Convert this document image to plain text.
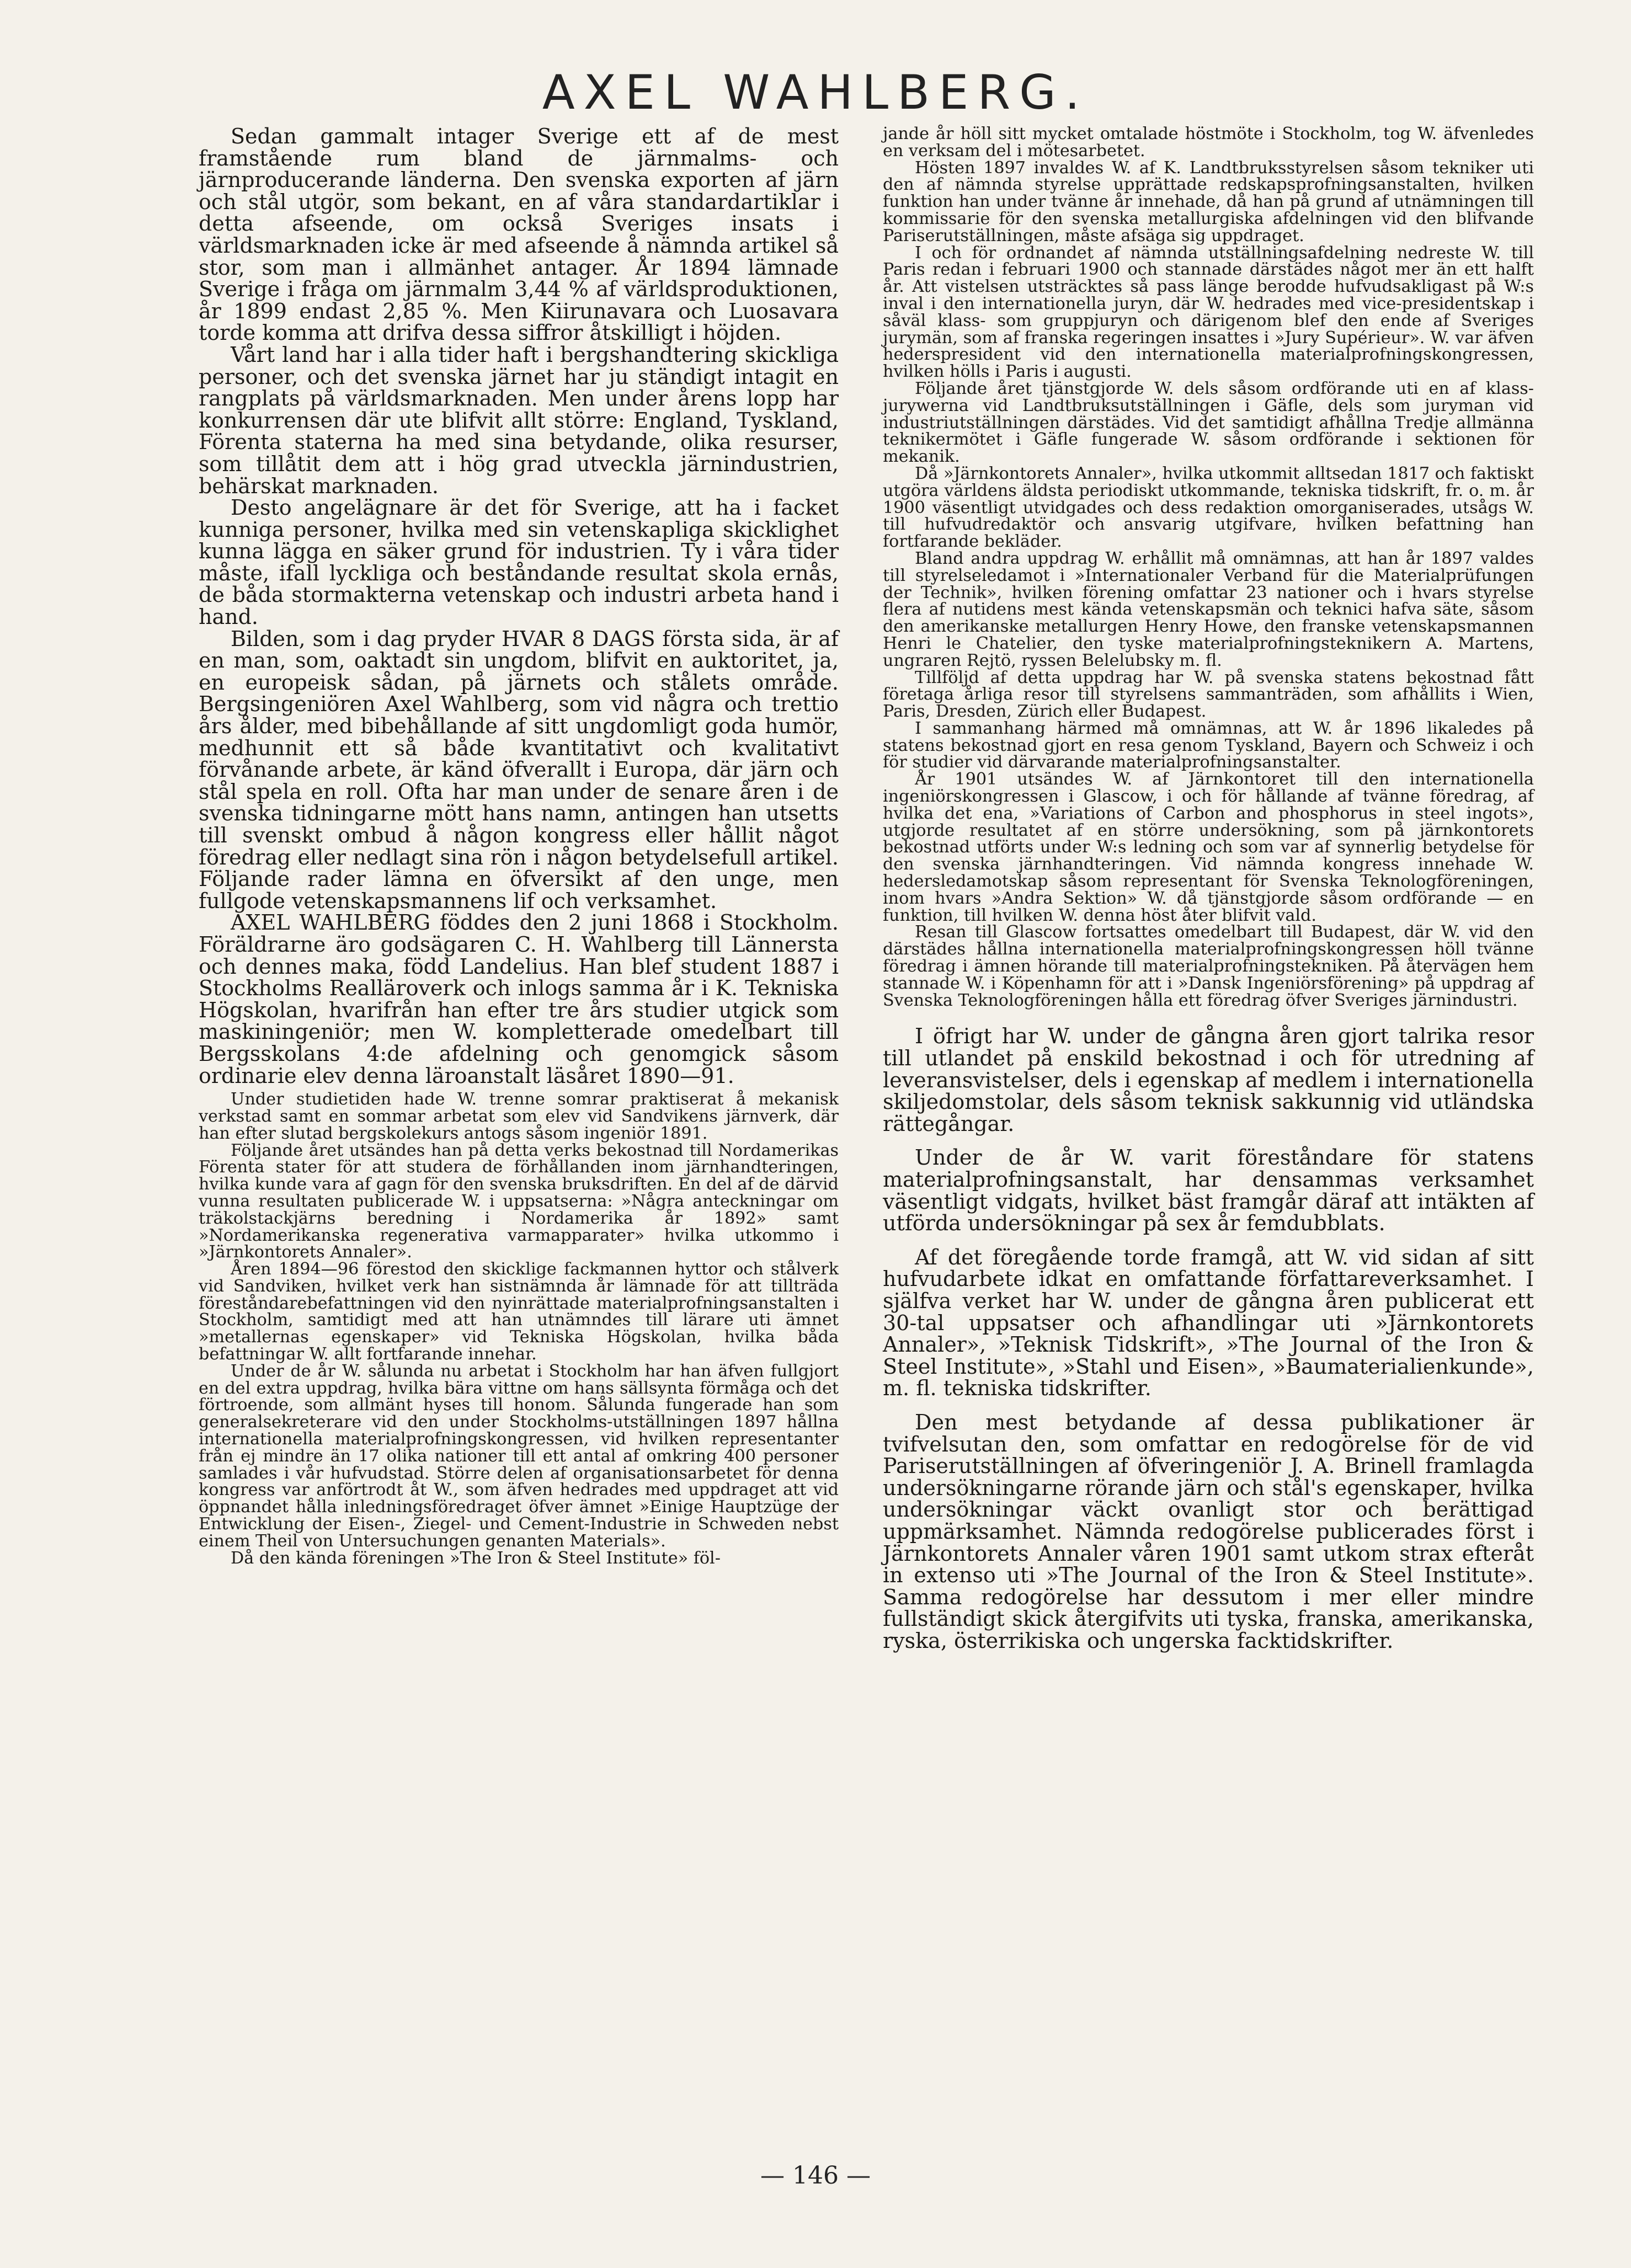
AXEL WAHLBERG.

Sedan gammalt intager Sverige ett af de mest framstående rum bland de järnmalms- och järnproducerande länderna. Den svenska exporten af järn och stål utgör, som bekant, en af våra standardartiklar i detta afseende, om också Sveriges insats i världsmarknaden icke är med afseende å nämnda artikel så stor, som man i allmänhet antager. År 1894 lämnade Sverige i fråga om järnmalm 3,44 % af världsproduktionen, år 1899 endast 2,85 %. Men Kiirunavara och Luosavara torde komma att drifva dessa siffror åtskilligt i höjden.

Vårt land har i alla tider haft i bergshandtering skickliga personer, och det svenska järnet har ju ständigt intagit en rangplats på världsmarknaden. Men under årens lopp har konkurrensen där ute blifvit allt större: England, Tyskland, Förenta staterna ha med sina betydande, olika resurser, som tillåtit dem att i hög grad utveckla järnindustrien, behärskat marknaden.

Desto angelägnare är det för Sverige, att ha i facket kunniga personer, hvilka med sin vetenskapliga skicklighet kunna lägga en säker grund för industrien. Ty i våra tider måste, ifall lyckliga och beståndande resultat skola ernås, de båda stormakterna vetenskap och industri arbeta hand i hand.

Bilden, som i dag pryder HVAR 8 DAGS första sida, är af en man, som, oaktadt sin ungdom, blifvit en auktoritet, ja, en europeisk sådan, på järnets och stålets område. Bergsingeniören Axel Wahlberg, som vid några och trettio års ålder, med bibehållande af sitt ungdomligt goda humör, medhunnit ett så både kvantitativt och kvalitativt förvånande arbete, är känd öfverallt i Europa, där järn och stål spela en roll. Ofta har man under de senare åren i de svenska tidningarne mött hans namn, antingen han utsetts till svenskt ombud å någon kongress eller hållit något föredrag eller nedlagt sina rön i någon betydelsefull artikel. Följande rader lämna en öfversikt af den unge, men fullgode vetenskapsmannens lif och verksamhet.

AXEL WAHLBERG föddes den 2 juni 1868 i Stockholm. Föräldrarne äro godsägaren C. H. Wahlberg till Lännersta och dennes maka, född Landelius. Han blef student 1887 i Stockholms Realläroverk och inlogs samma år i K. Tekniska Högskolan, hvarifrån han efter tre års studier utgick som maskiningeniör; men W. kompletterade omedelbart till Bergsskolans 4:de afdelning och genomgick såsom ordinarie elev denna läroanstalt läsåret 1890—91.

Under studietiden hade W. trenne somrar praktiserat å mekanisk verkstad samt en sommar arbetat som elev vid Sandvikens järnverk, där han efter slutad bergskolekurs antogs såsom ingeniör 1891.

Följande året utsändes han på detta verks bekostnad till Nordamerikas Förenta stater för att studera de förhållanden inom järnhandteringen, hvilka kunde vara af gagn för den svenska bruksdriften. En del af de därvid vunna resultaten publicerade W. i uppsatserna: »Några anteckningar om träkolstackjärns beredning i Nordamerika år 1892» samt »Nordamerikanska regenerativa varmapparater» hvilka utkommo i »Järnkontorets Annaler».

Åren 1894—96 förestod den skicklige fackmannen hyttor och stålverk vid Sandviken, hvilket verk han sistnämnda år lämnade för att tillträda föreståndarebefattningen vid den nyinrättade materialprofningsanstalten i Stockholm, samtidigt med att han utnämndes till lärare uti ämnet »metallernas egenskaper» vid Tekniska Högskolan, hvilka båda befattningar W. allt fortfarande innehar.

Under de år W. sålunda nu arbetat i Stockholm har han äfven fullgjort en del extra uppdrag, hvilka bära vittne om hans sällsynta förmåga och det förtroende, som allmänt hyses till honom. Sålunda fungerade han som generalsekreterare vid den under Stockholms-utställningen 1897 hållna internationella materialprofningskongressen, vid hvilken representanter från ej mindre än 17 olika nationer till ett antal af omkring 400 personer samlades i vår hufvudstad. Större delen af organisationsarbetet för denna kongress var anförtrodt åt W., som äfven hedrades med uppdraget att vid öppnandet hålla inledningsföredraget öfver ämnet »Einige Hauptzüge der Entwicklung der Eisen-, Ziegel- und Cement-Industrie in Schweden nebst einem Theil von Untersuchungen genanten Materials».

Då den kända föreningen »The Iron & Steel Institute» föl-

jande år höll sitt mycket omtalade höstmöte i Stockholm, tog W. äfvenledes en verksam del i mötesarbetet.

Hösten 1897 invaldes W. af K. Landtbruksstyrelsen såsom tekniker uti den af nämnda styrelse upprättade redskapsprofningsanstalten, hvilken funktion han under tvänne år innehade, då han på grund af utnämningen till kommissarie för den svenska metallurgiska afdelningen vid den blifvande Pariserutställningen, måste afsäga sig uppdraget.

I och för ordnandet af nämnda utställningsafdelning nedreste W. till Paris redan i februari 1900 och stannade därstädes något mer än ett halft år. Att vistelsen utsträcktes så pass länge berodde hufvudsakligast på W:s inval i den internationella juryn, där W. hedrades med vice-presidentskap i såväl klass- som gruppjuryn och därigenom blef den ende af Sveriges jurymän, som af franska regeringen insattes i »Jury Supérieur». W. var äfven hederspresident vid den internationella materialprofningskongressen, hvilken hölls i Paris i augusti.

Följande året tjänstgjorde W. dels såsom ordförande uti en af klass-jurywerna vid Landtbruksutställningen i Gäfle, dels som juryman vid industriutställningen därstädes. Vid det samtidigt afhållna Tredje allmänna teknikermötet i Gäfle fungerade W. såsom ordförande i sektionen för mekanik.

Då »Järnkontorets Annaler», hvilka utkommit alltsedan 1817 och faktiskt utgöra världens äldsta periodiskt utkommande, tekniska tidskrift, fr. o. m. år 1900 väsentligt utvidgades och dess redaktion omorganiserades, utsågs W. till hufvudredaktör och ansvarig utgifvare, hvilken befattning han fortfarande bekläder.

Bland andra uppdrag W. erhållit må omnämnas, att han år 1897 valdes till styrelseledamot i »Internationaler Verband für die Materialprüfungen der Technik», hvilken förening omfattar 23 nationer och i hvars styrelse flera af nutidens mest kända vetenskapsmän och teknici hafva säte, såsom den amerikanske metallurgen Henry Howe, den franske vetenskapsmannen Henri le Chatelier, den tyske materialprofningsteknikern A. Martens, ungraren Rejtö, ryssen Belelubsky m. fl.

Tillföljd af detta uppdrag har W. på svenska statens bekostnad fått företaga årliga resor till styrelsens sammanträden, som afhållits i Wien, Paris, Dresden, Zürich eller Budapest.

I sammanhang härmed må omnämnas, att W. år 1896 likaledes på statens bekostnad gjort en resa genom Tyskland, Bayern och Schweiz i och för studier vid därvarande materialprofningsanstalter.

År 1901 utsändes W. af Järnkontoret till den internationella ingeniörskongressen i Glascow, i och för hållande af tvänne föredrag, af hvilka det ena, »Variations of Carbon and phosphorus in steel ingots», utgjorde resultatet af en större undersökning, som på järnkontorets bekostnad utförts under W:s ledning och som var af synnerlig betydelse för den svenska järnhandteringen. Vid nämnda kongress innehade W. hedersledamotskap såsom representant för Svenska Teknologföreningen, inom hvars »Andra Sektion» W. då tjänstgjorde såsom ordförande — en funktion, till hvilken W. denna höst åter blifvit vald.

Resan till Glascow fortsattes omedelbart till Budapest, där W. vid den därstädes hållna internationella materialprofningskongressen höll tvänne föredrag i ämnen hörande till materialprofningstekniken. På återvägen hem stannade W. i Köpenhamn för att i »Dansk Ingeniörsförening» på uppdrag af Svenska Teknologföreningen hålla ett föredrag öfver Sveriges järnindustri.

I öfrigt har W. under de gångna åren gjort talrika resor till utlandet på enskild bekostnad i och för utredning af leveransvistelser, dels i egenskap af medlem i internationella skiljedomstolar, dels såsom teknisk sakkunnig vid utländska rättegångar.

Under de år W. varit föreståndare för statens materialprofningsanstalt, har densammas verksamhet väsentligt vidgats, hvilket bäst framgår däraf att intäkten af utförda undersökningar på sex år femdubblats.

Af det föregående torde framgå, att W. vid sidan af sitt hufvudarbete idkat en omfattande författareverksamhet. I själfva verket har W. under de gångna åren publicerat ett 30-tal uppsatser och afhandlingar uti »Järnkontorets Annaler», »Teknisk Tidskrift», »The Journal of the Iron & Steel Institute», »Stahl und Eisen», »Baumaterialienkunde», m. fl. tekniska tidskrifter.

Den mest betydande af dessa publikationer är tvifvelsutan den, som omfattar en redogörelse för de vid Pariserutställningen af öfveringeniör J. A. Brinell framlagda undersökningarne rörande järn och stål's egenskaper, hvilka undersökningar väckt ovanligt stor och berättigad uppmärksamhet. Nämnda redogörelse publicerades först i Järnkontorets Annaler våren 1901 samt utkom strax efteråt in extenso uti »The Journal of the Iron & Steel Institute». Samma redogörelse har dessutom i mer eller mindre fullständigt skick återgifvits uti tyska, franska, amerikanska, ryska, österrikiska och ungerska facktidskrifter.

— 146 —
